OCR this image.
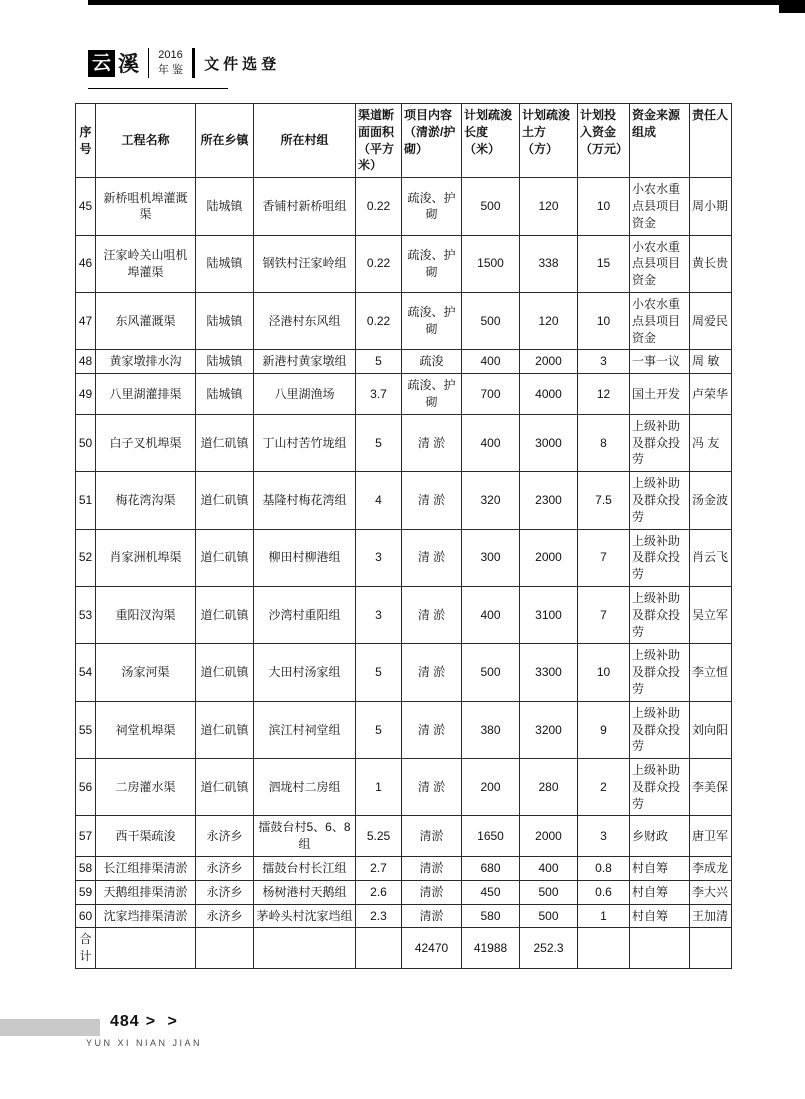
云 溪 2016
年 鉴 文件选登
序号	工程名称	所在乡镇	所在村组	渠道断面面积（平方米）	项目内容（清淤/护砌）	计划疏浚长度（米）	计划疏浚土方（方）	计划投入资金（万元）	资金来源组成	责任人
45	新桥咀机埠灌溉渠	陆城镇	香铺村新桥咀组	0.22	疏浚、护砌	500	120	10	小农水重点县项目资金	周小期
46	汪家岭关山咀机埠灌渠	陆城镇	钢铁村汪家岭组	0.22	疏浚、护砌	1500	338	15	小农水重点县项目资金	黄长贵
47	东风灌溉渠	陆城镇	泾港村东风组	0.22	疏浚、护砌	500	120	10	小农水重点县项目资金	周爱民
48	黄家墩排水沟	陆城镇	新港村黄家墩组	5	疏浚	400	2000	3	一事一议	周 敏
49	八里湖灌排渠	陆城镇	八里湖渔场	3.7	疏浚、护砌	700	4000	12	国土开发	卢荣华
50	白子叉机埠渠	道仁矶镇	丁山村苦竹垅组	5	清 淤	400	3000	8	上级补助及群众投劳	冯 友
51	梅花湾沟渠	道仁矶镇	基隆村梅花湾组	4	清 淤	320	2300	7.5	上级补助及群众投劳	汤金波
52	肖家洲机埠渠	道仁矶镇	柳田村柳港组	3	清 淤	300	2000	7	上级补助及群众投劳	肖云飞
53	重阳汊沟渠	道仁矶镇	沙湾村重阳组	3	清 淤	400	3100	7	上级补助及群众投劳	吴立军
54	汤家河渠	道仁矶镇	大田村汤家组	5	清 淤	500	3300	10	上级补助及群众投劳	李立恒
55	祠堂机埠渠	道仁矶镇	滨江村祠堂组	5	清 淤	380	3200	9	上级补助及群众投劳	刘向阳
56	二房灌水渠	道仁矶镇	泗垅村二房组	1	清 淤	200	280	2	上级补助及群众投劳	李美保
57	西干渠疏浚	永济乡	擂鼓台村5、6、8组	5.25	清淤	1650	2000	3	乡财政	唐卫军
58	长江组排渠清淤	永济乡	擂鼓台村长江组	2.7	清淤	680	400	0.8	村自筹	李成龙
59	天鹅组排渠清淤	永济乡	杨树港村天鹅组	2.6	清淤	450	500	0.6	村自筹	李大兴
60	沈家垱排渠清淤	永济乡	茅岭头村沈家垱组	2.3	清淤	580	500	1	村自筹	王加清
合计					42470	41988	252.3			
484 > >
YUN XI NIAN JIAN
